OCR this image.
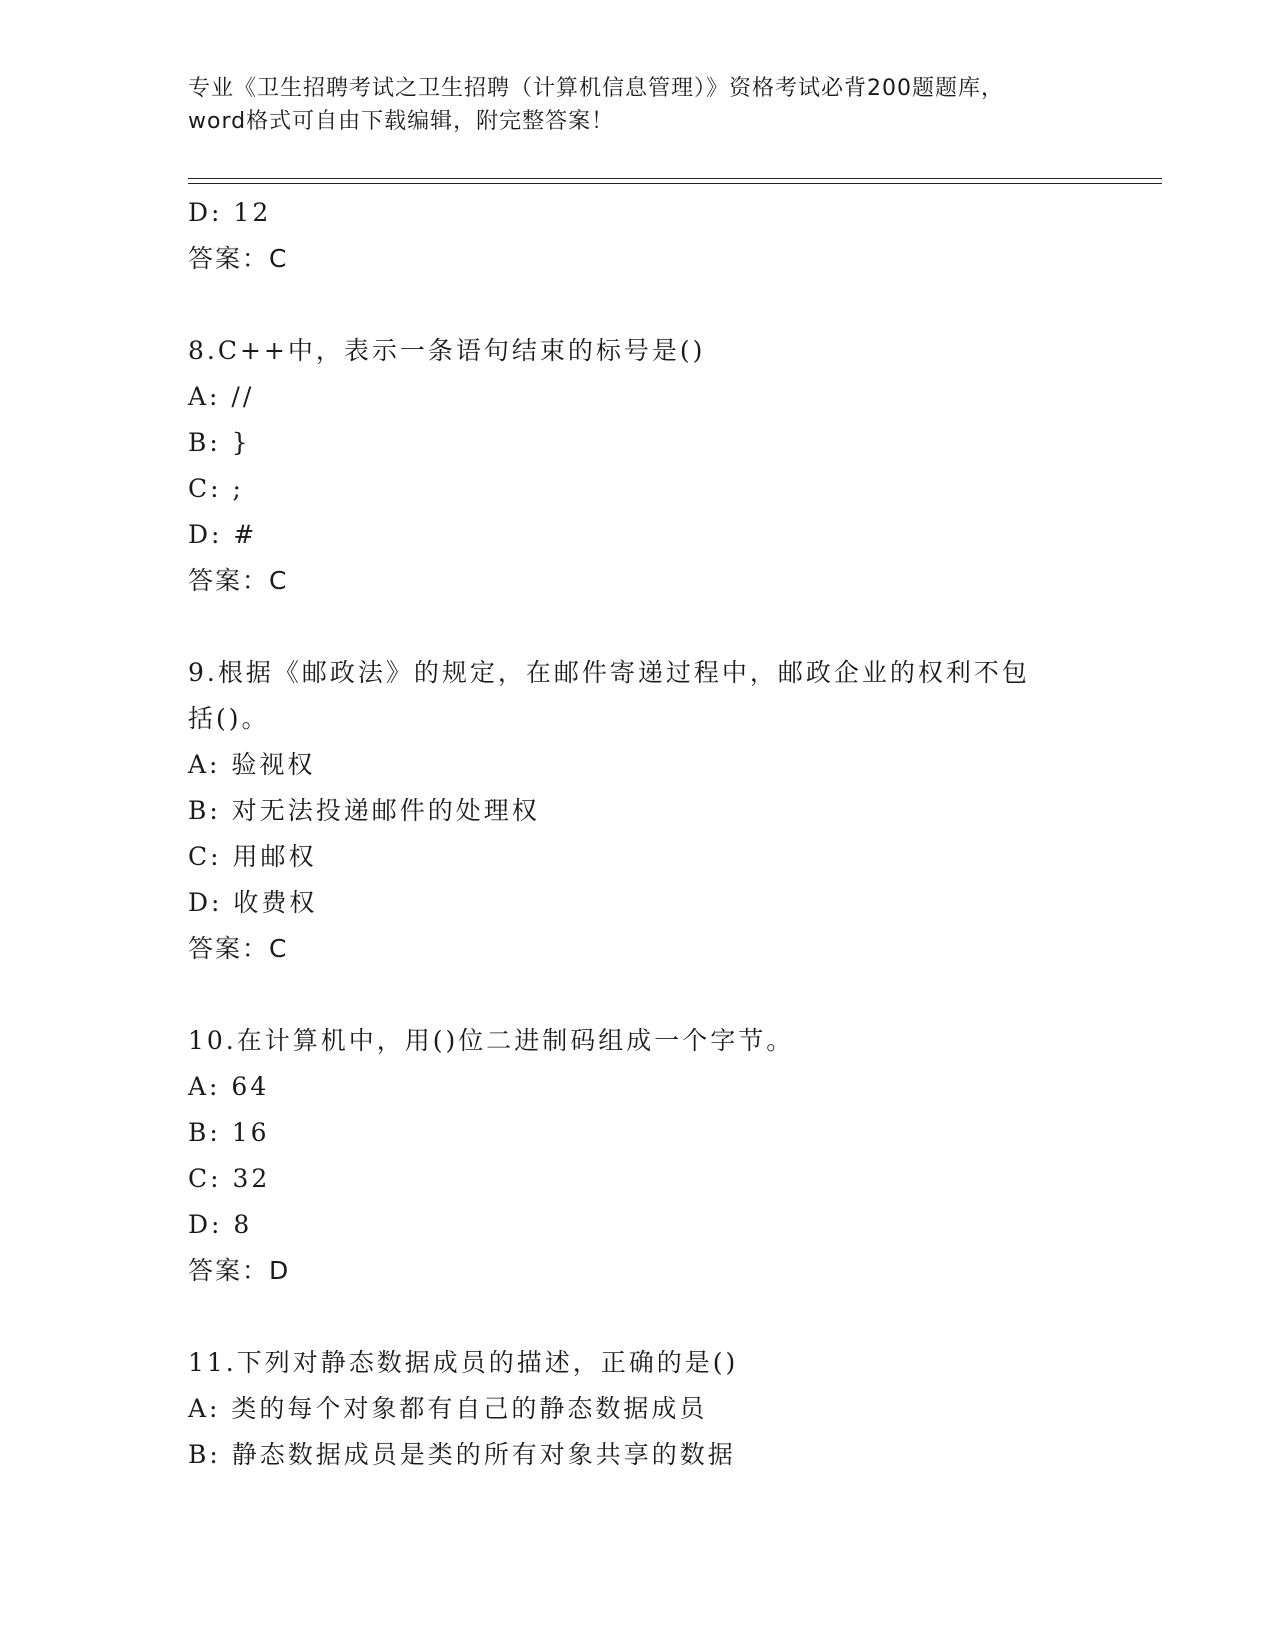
专业《卫生招聘考试之卫生招聘（计算机信息管理）》资格考试必背200题题库，
word格式可自由下载编辑，附完整答案！
D: 12
答案：C
8.C++中，表示一条语句结束的标号是()
A: //
B: }
C: ;
D: #
答案：C
9.根据《邮政法》的规定，在邮件寄递过程中，邮政企业的权利不包
括()。
A: 验视权
B: 对无法投递邮件的处理权
C: 用邮权
D: 收费权
答案：C
10.在计算机中，用()位二进制码组成一个字节。
A: 64
B: 16
C: 32
D: 8
答案：D
11.下列对静态数据成员的描述，正确的是()
A: 类的每个对象都有自己的静态数据成员
B: 静态数据成员是类的所有对象共享的数据
